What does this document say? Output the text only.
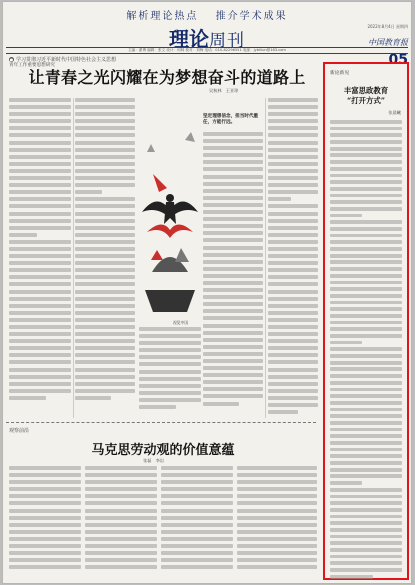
解析理论热点 推介学术成果
理论周刊
2022年8月4日 星期四
中国教育报 05
主编：翟博 编辑：张文 设计：何林 校对：刘梅 电话：010-82296551 电邮：jyblilun@163.com
● 学习贯彻习近平新时代中国特色社会主义思想
青年工作重要思想研究
让青春之光闪耀在为梦想奋斗的道路上
吴秋林　王亚琼
视觉中国
坚定理想信念，担当时代重任，方能行远。
观察前沿
马克思劳动观的价值意蕴
张磊　李岩
新论新见
丰富思政教育
“打开方式”
张晨曦
